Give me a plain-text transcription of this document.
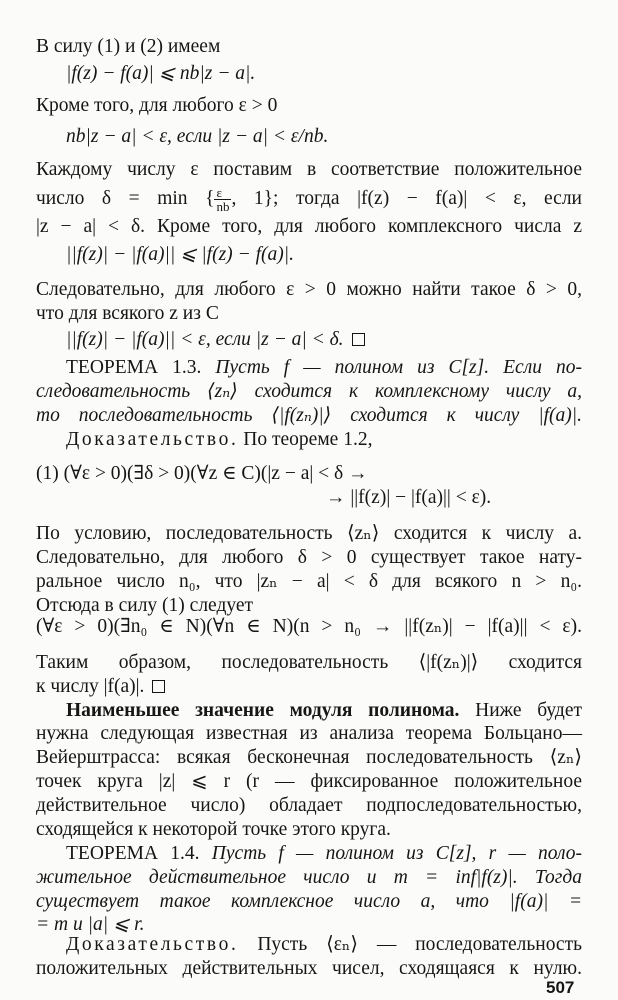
В силу (1) и (2) имеем
|f(z) − f(a)| ⩽ nb|z − a|.
Кроме того, для любого ε > 0
nb|z − a| < ε, если |z − a| < ε/nb.
Каждому числу ε поставим в соответствие положительное
число δ = min { $\frac{\varepsilon}{nb}$ , 1}; тогда |f(z) − f(a)| < ε, если
|z − a| < δ. Кроме того, для любого комплексного числа z
||f(z)| − |f(a)|| ⩽ |f(z) − f(a)|.
Следовательно, для любого ε > 0 можно найти такое δ > 0,
что для всякого z из C
||f(z)| − |f(a)|| < ε, если |z − a| < δ.
ТЕОРЕМА 1.3. Пусть f — полином из C[z]. Если по-
следовательность ⟨zₙ⟩ сходится к комплексному числу a,
то последовательность ⟨|f(zₙ)|⟩ сходится к числу |f(a)|.
Доказательство. По теореме 1.2,
(1) (∀ε > 0)(∃δ > 0)(∀z ∈ C)(|z − a| < δ →
→ ||f(z)| − |f(a)|| < ε).
По условию, последовательность ⟨zₙ⟩ сходится к числу a.
Следовательно, для любого δ > 0 существует такое нату-
ральное число n₀, что |zₙ − a| < δ для всякого n > n₀.
Отсюда в силу (1) следует
(∀ε > 0)(∃n₀ ∈ N)(∀n ∈ N)(n > n₀ → ||f(zₙ)| − |f(a)|| < ε).
Таким образом, последовательность ⟨|f(zₙ)|⟩ сходится
к числу |f(a)|.
Наименьшее значение модуля полинома. Ниже будет
нужна следующая известная из анализа теорема Больцано—
Вейерштрасса: всякая бесконечная последовательность ⟨zₙ⟩
точек круга |z| ⩽ r (r — фиксированное положительное
действительное число) обладает подпоследовательностью,
сходящейся к некоторой точке этого круга.
ТЕОРЕМА 1.4. Пусть f — полином из C[z], r — поло-
жительное действительное число и m = inf|f(z)|. Тогда
существует такое комплексное число a, что |f(a)| =
= m и |a| ⩽ r.
Доказательство. Пусть ⟨εₙ⟩ — последовательность
положительных действительных чисел, сходящаяся к нулю.
507
